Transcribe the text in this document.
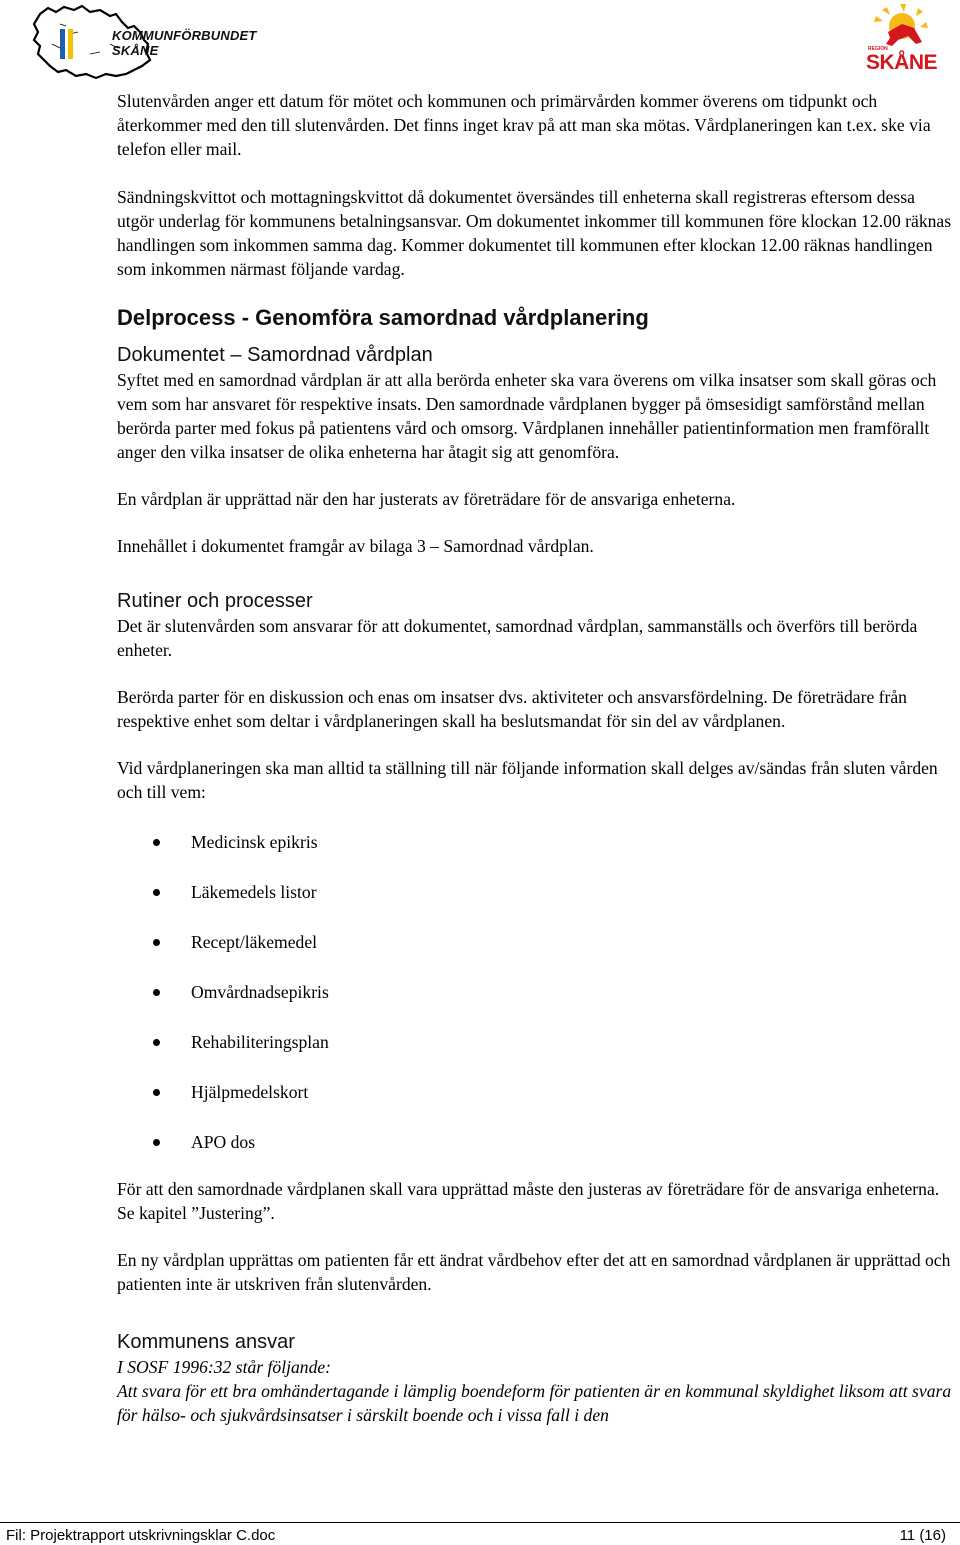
KOMMUNFÖRBUNDET
SKÅNE	REGION
SKÅNE

Slutenvården anger ett datum för mötet och kommunen och primärvården kommer överens om tidpunkt och återkommer med den till slutenvården. Det finns inget krav på att man ska mötas. Vårdplaneringen kan t.ex. ske via telefon eller mail.

Sändningskvittot och mottagningskvittot då dokumentet översändes till enheterna skall registreras eftersom dessa utgör underlag för kommunens betalningsansvar. Om dokumentet inkommer till kommunen före klockan 12.00 räknas handlingen som inkommen samma dag. Kommer dokumentet till kommunen efter klockan 12.00 räknas handlingen som inkommen närmast följande vardag.

Delprocess - Genomföra samordnad vårdplanering
Dokumentet – Samordnad vårdplan

Syftet med en samordnad vårdplan är att alla berörda enheter ska vara överens om vilka insatser som skall göras och vem som har ansvaret för respektive insats. Den samordnade vårdplanen bygger på ömsesidigt samförstånd mellan berörda parter med fokus på patientens vård och omsorg. Vårdplanen innehåller patientinformation men framförallt anger den vilka insatser de olika enheterna har åtagit sig att genomföra.

En vårdplan är upprättad när den har justerats av företrädare för de ansvariga enheterna.

Innehållet i dokumentet framgår av bilaga 3 – Samordnad vårdplan.

Rutiner och processer

Det är slutenvården som ansvarar för att dokumentet, samordnad vårdplan, sammanställs och överförs till berörda enheter.

Berörda parter för en diskussion och enas om insatser dvs. aktiviteter och ansvarsfördelning. De företrädare från respektive enhet som deltar i vårdplaneringen skall ha beslutsmandat för sin del av vårdplanen.

Vid vårdplaneringen ska man alltid ta ställning till när följande information skall delges av/sändas från sluten vården och till vem:

Medicinsk epikris
Läkemedels listor
Recept/läkemedel
Omvårdnadsepikris
Rehabiliteringsplan
Hjälpmedelskort
APO dos

För att den samordnade vårdplanen skall vara upprättad måste den justeras av företrädare för de ansvariga enheterna. Se kapitel ”Justering”.

En ny vårdplan upprättas om patienten får ett ändrat vårdbehov efter det att en samordnad vårdplanen är upprättad och patienten inte är utskriven från slutenvården.

Kommunens ansvar

I SOSF 1996:32 står följande:

Att svara för ett bra omhändertagande i lämplig boendeform för patienten är en kommunal skyldighet liksom att svara för hälso- och sjukvårdsinsatser i särskilt boende och i vissa fall i den

Fil: Projektrapport utskrivningsklar C.doc	11 (16)
